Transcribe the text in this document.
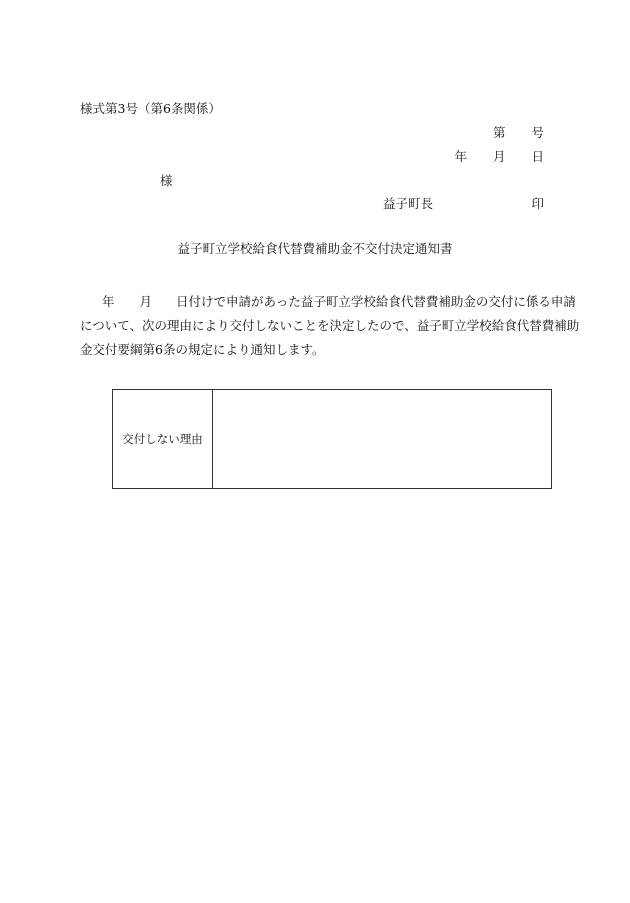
様式第3号（第6条関係）
第 号
年 月 日
様
益子町長	印
益子町立学校給食代替費補助金不交付決定通知書
年 月 日付けで申請があった益子町立学校給食代替費補助金の交付に係る申請
について、次の理由により交付しないことを決定したので、益子町立学校給食代替費補助
金交付要綱第6条の規定により通知します。
交付しない理由
